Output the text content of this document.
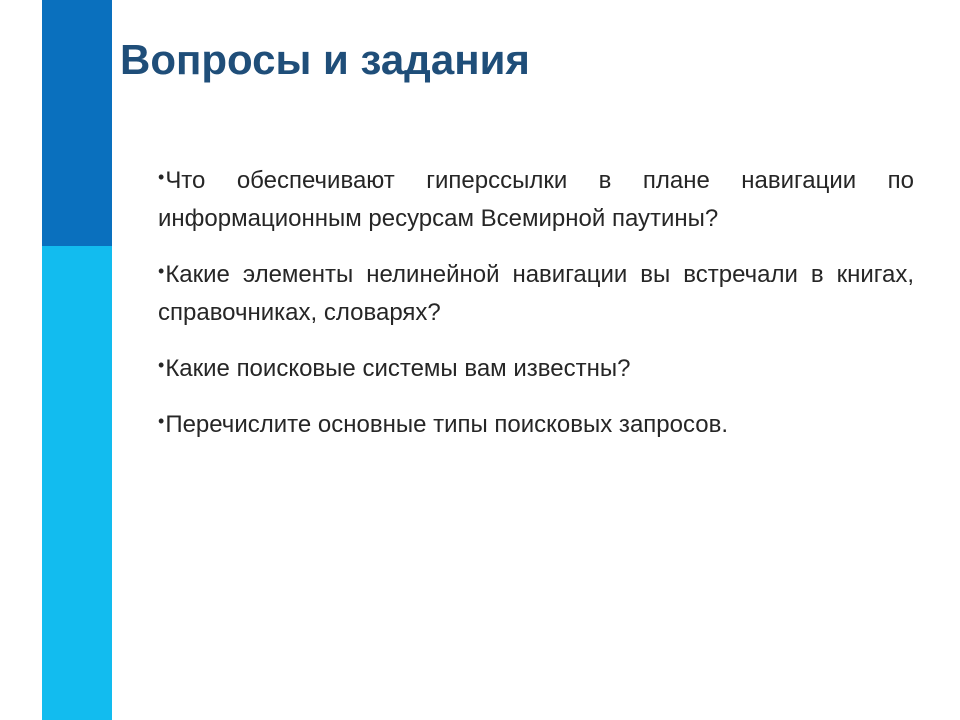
Вопросы и задания
•Что обеспечивают гиперссылки в плане навигации по информационным ресурсам Всемирной паутины?
•Какие элементы нелинейной навигации вы встречали в книгах, справочниках, словарях?
•Какие поисковые системы вам известны?
•Перечислите основные типы поисковых запросов.
